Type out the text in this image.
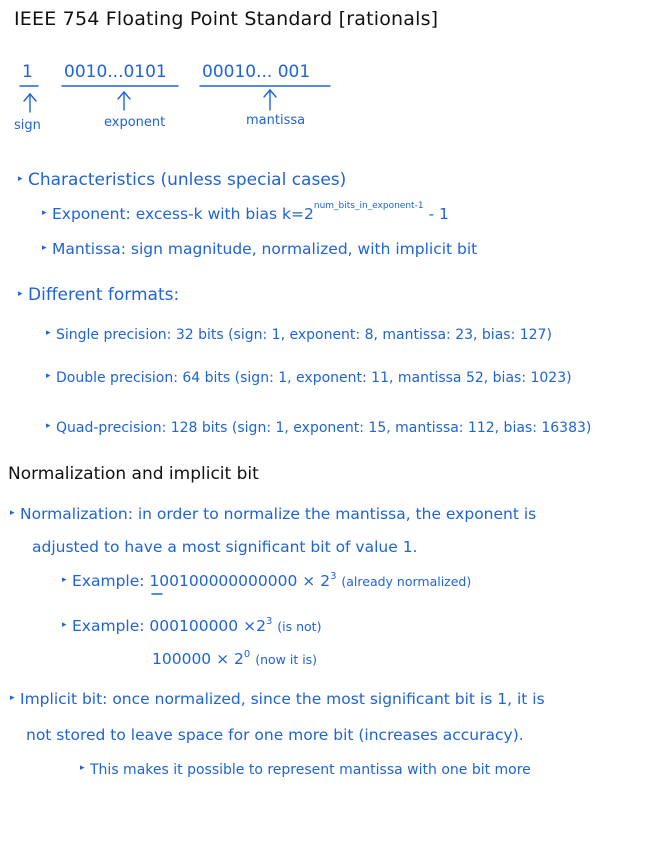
IEEE 754 Floating Point Standard [rationals]
1 0010...0101 00010... 001
sign	exponent	mantissa
▸ Characteristics (unless special cases)
▸ Exponent: excess-k with bias $k=2^{num\_bits\_in\_exponent-1} - 1$
▸ Mantissa: sign magnitude, normalized, with implicit bit
▸ Different formats:
▸ Single precision: 32 bits (sign: 1, exponent: 8, mantissa: 23, bias: 127)
▸ Double precision: 64 bits (sign: 1, exponent: 11, mantissa 52, bias: 1023)
▸ Quad-precision: 128 bits (sign: 1, exponent: 15, mantissa: 112, bias: 16383)
Normalization and implicit bit
▸ Normalization: in order to normalize the mantissa, the exponent is
adjusted to have a most significant bit of value 1.
▸ Example: $100100000000000 \times 2^3$ (already normalized)
▸ Example: $000100000 \times 2^3$ (is not)
$100000 \times 2^0$ (now it is)
▸ Implicit bit: once normalized, since the most significant bit is 1, it is
not stored to leave space for one more bit (increases accuracy).
▸ This makes it possible to represent mantissa with one bit more
